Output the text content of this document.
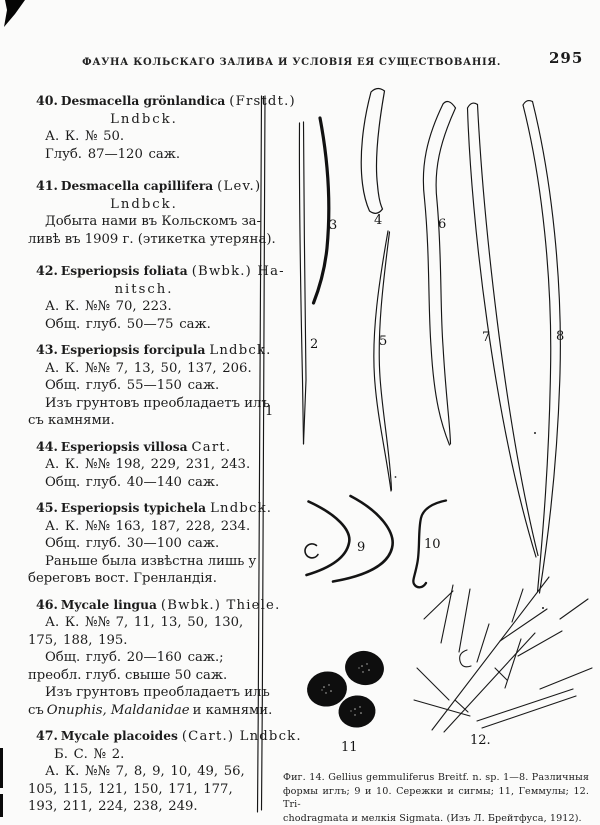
ФАУНА КОЛЬСКАГО ЗАЛИВА И УСЛОВІЯ ЕЯ СУЩЕСТВОВАНІЯ.	295
40. Desmacella grönlandica (Frstdt.)
Lndbck.
А. К. № 50.
Глуб. 87—120 саж.
41. Desmacella capillifera (Lev.)
Lndbck.
Добыта нами въ Кольскомъ за-
ливѣ въ 1909 г. (этикетка утеряна).
42. Esperiopsis foliata (Bwbk.) Ha-
nitsch.
А. К. №№ 70, 223.
Общ. глуб. 50—75 саж.
43. Esperiopsis forcipula Lndbck.
А. К. №№ 7, 13, 50, 137, 206.
Общ. глуб. 55—150 саж.
Изъ грунтовъ преобладаетъ илъ
съ камнями.
44. Esperiopsis villosa Cart.
А. К. №№ 198, 229, 231, 243.
Общ. глуб. 40—140 саж.
45. Esperiopsis typichela Lndbck.
А. К. №№ 163, 187, 228, 234.
Общ. глуб. 30—100 саж.
Раньше была извѣстна лишь у
береговъ вост. Гренландія.
46. Mycale lingua (Bwbk.) Thiele.
А. К. №№ 7, 11, 13, 50, 130,
175, 188, 195.
Общ. глуб. 20—160 саж.;
преобл. глуб. свыше 50 саж.
Изъ грунтовъ преобладаетъ илъ
съ Onuphis, Maldanidae и камнями.
47. Mycale placoides (Cart.) Lndbck.
Б. С. № 2.
А. К. №№ 7, 8, 9, 10, 49, 56,
105, 115, 121, 150, 171, 177,
193, 211, 224, 238, 249.
1
2
3	4
5
6
7	8
9	10
11	12.
Фиг. 14. Gellius gemmuliferus Breitf. n. sp. 1—8. Различныя
формы иглъ; 9 и 10. Сережки и сигмы; 11, Геммулы; 12. Tri-
chodragmata и мелкія Sigmata. (Изъ Л. Брейтфуса, 1912).
